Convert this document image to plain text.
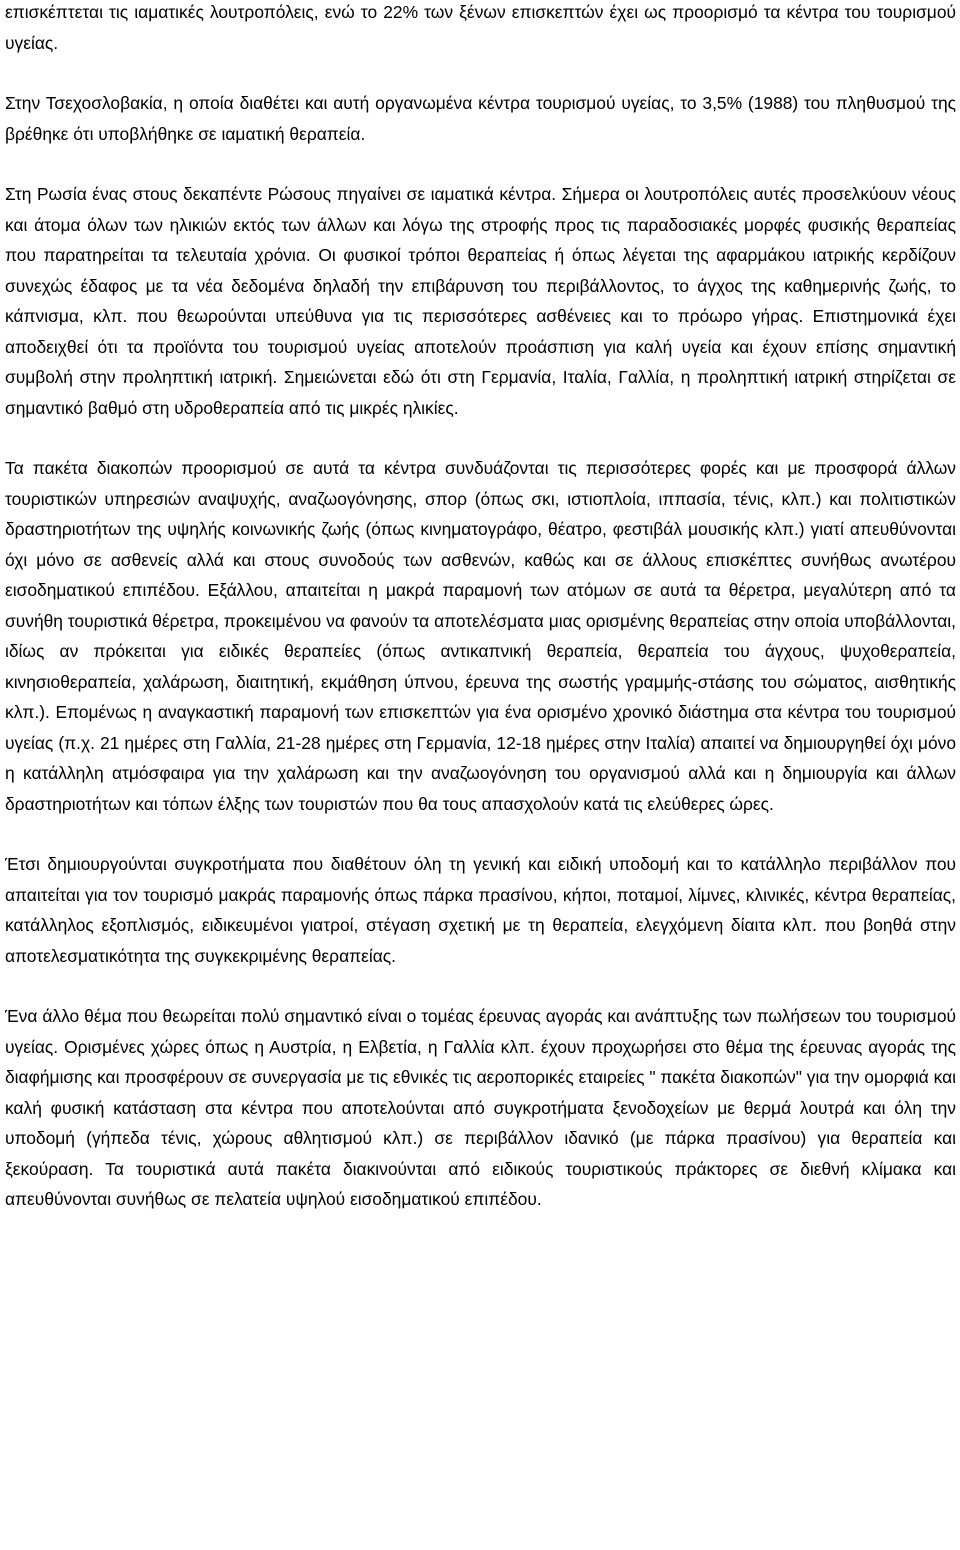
επισκέπτεται τις ιαματικές λουτροπόλεις, ενώ το 22% των ξένων επισκεπτών έχει ως προορισμό τα κέντρα του τουρισμού υγείας.

Στην Τσεχοσλοβακία, η οποία διαθέτει και αυτή οργανωμένα κέντρα τουρισμού υγείας, το 3,5% (1988) του πληθυσμού της βρέθηκε ότι υποβλήθηκε σε ιαματική θεραπεία.

Στη Ρωσία ένας στους δεκαπέντε Ρώσους πηγαίνει σε ιαματικά κέντρα. Σήμερα οι λουτροπόλεις αυτές προσελκύουν νέους και άτομα όλων των ηλικιών εκτός των άλλων και λόγω της στροφής προς τις παραδοσιακές μορφές φυσικής θεραπείας που παρατηρείται τα τελευταία χρόνια. Οι φυσικοί τρόποι θεραπείας ή όπως λέγεται της αφαρμάκου ιατρικής κερδίζουν συνεχώς έδαφος με τα νέα δεδομένα δηλαδή την επιβάρυνση του περιβάλλοντος, το άγχος της καθημερινής ζωής, το κάπνισμα, κλπ. που θεωρούνται υπεύθυνα για τις περισσότερες ασθένειες και το πρόωρο γήρας. Επιστημονικά έχει αποδειχθεί ότι τα προϊόντα του τουρισμού υγείας αποτελούν προάσπιση για καλή υγεία και έχουν επίσης σημαντική συμβολή στην προληπτική ιατρική. Σημειώνεται εδώ ότι στη Γερμανία, Ιταλία, Γαλλία, η προληπτική ιατρική στηρίζεται σε σημαντικό βαθμό στη υδροθεραπεία από τις μικρές ηλικίες.

Τα πακέτα διακοπών προορισμού σε αυτά τα κέντρα συνδυάζονται τις περισσότερες φορές και με προσφορά άλλων τουριστικών υπηρεσιών αναψυχής, αναζωογόνησης, σπορ (όπως σκι, ιστιοπλοία, ιππασία, τένις, κλπ.) και πολιτιστικών δραστηριοτήτων της υψηλής κοινωνικής ζωής (όπως κινηματογράφο, θέατρο, φεστιβάλ μουσικής κλπ.) γιατί απευθύνονται όχι μόνο σε ασθενείς αλλά και στους συνοδούς των ασθενών, καθώς και σε άλλους επισκέπτες συνήθως ανωτέρου εισοδηματικού επιπέδου. Εξάλλου, απαιτείται η μακρά παραμονή των ατόμων σε αυτά τα θέρετρα, μεγαλύτερη από τα συνήθη τουριστικά θέρετρα, προκειμένου να φανούν τα αποτελέσματα μιας ορισμένης θεραπείας στην οποία υποβάλλονται, ιδίως αν πρόκειται για ειδικές θεραπείες (όπως αντικαπνική θεραπεία, θεραπεία του άγχους, ψυχοθεραπεία, κινησιοθεραπεία, χαλάρωση, διαιτητική, εκμάθηση ύπνου, έρευνα της σωστής γραμμής-στάσης του σώματος, αισθητικής κλπ.). Επομένως η αναγκαστική παραμονή των επισκεπτών για ένα ορισμένο χρονικό διάστημα στα κέντρα του τουρισμού υγείας (π.χ. 21 ημέρες στη Γαλλία, 21-28 ημέρες στη Γερμανία, 12-18 ημέρες στην Ιταλία) απαιτεί να δημιουργηθεί όχι μόνο η κατάλληλη ατμόσφαιρα για την χαλάρωση και την αναζωογόνηση του οργανισμού αλλά και η δημιουργία και άλλων δραστηριοτήτων και τόπων έλξης των τουριστών που θα τους απασχολούν κατά τις ελεύθερες ώρες.

Έτσι δημιουργούνται συγκροτήματα που διαθέτουν όλη τη γενική και ειδική υποδομή και το κατάλληλο περιβάλλον που απαιτείται για τον τουρισμό μακράς παραμονής όπως πάρκα πρασίνου, κήποι, ποταμοί, λίμνες, κλινικές, κέντρα θεραπείας, κατάλληλος εξοπλισμός, ειδικευμένοι γιατροί, στέγαση σχετική με τη θεραπεία, ελεγχόμενη δίαιτα κλπ. που βοηθά στην αποτελεσματικότητα της συγκεκριμένης θεραπείας.

Ένα άλλο θέμα που θεωρείται πολύ σημαντικό είναι ο τομέας έρευνας αγοράς και ανάπτυξης των πωλήσεων του τουρισμού υγείας. Ορισμένες χώρες όπως η Αυστρία, η Ελβετία, η Γαλλία κλπ. έχουν προχωρήσει στο θέμα της έρευνας αγοράς της διαφήμισης και προσφέρουν σε συνεργασία με τις εθνικές τις αεροπορικές εταιρείες " πακέτα διακοπών" για την ομορφιά και καλή φυσική κατάσταση στα κέντρα που αποτελούνται από συγκροτήματα ξενοδοχείων με θερμά λουτρά και όλη την υποδομή (γήπεδα τένις, χώρους αθλητισμού κλπ.) σε περιβάλλον ιδανικό (με πάρκα πρασίνου) για θεραπεία και ξεκούραση. Τα τουριστικά αυτά πακέτα διακινούνται από ειδικούς τουριστικούς πράκτορες σε διεθνή κλίμακα και απευθύνονται συνήθως σε πελατεία υψηλού εισοδηματικού επιπέδου.
